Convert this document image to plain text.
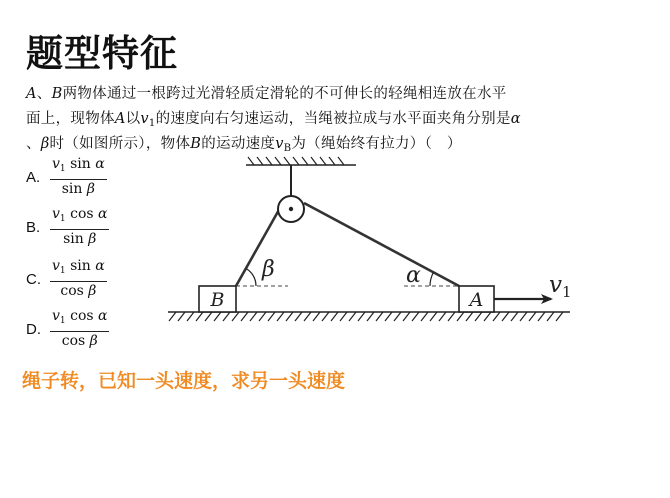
题型特征
A、B两物体通过一根跨过光滑轻质定滑轮的不可伸长的轻绳相连放在水平
面上，现物体A以$v_1$的速度向右匀速运动，当绳被拉成与水平面夹角分别是α
、β时（如图所示），物体B的运动速度$v_B$为（绳始终有拉力）（　）
A. $\frac{v_1 \sin \alpha}{\text{sin β}}$
B. $\frac{v_1 \cos \alpha}{\text{sin β}}$
C. $\frac{v_1 \sin \alpha}{\text{cos β}}$
D. $\frac{v_1 \cos \alpha}{\text{cos β}}$
B	A
β	α	$v_1$
绳子转，已知一头速度，求另一头速度
